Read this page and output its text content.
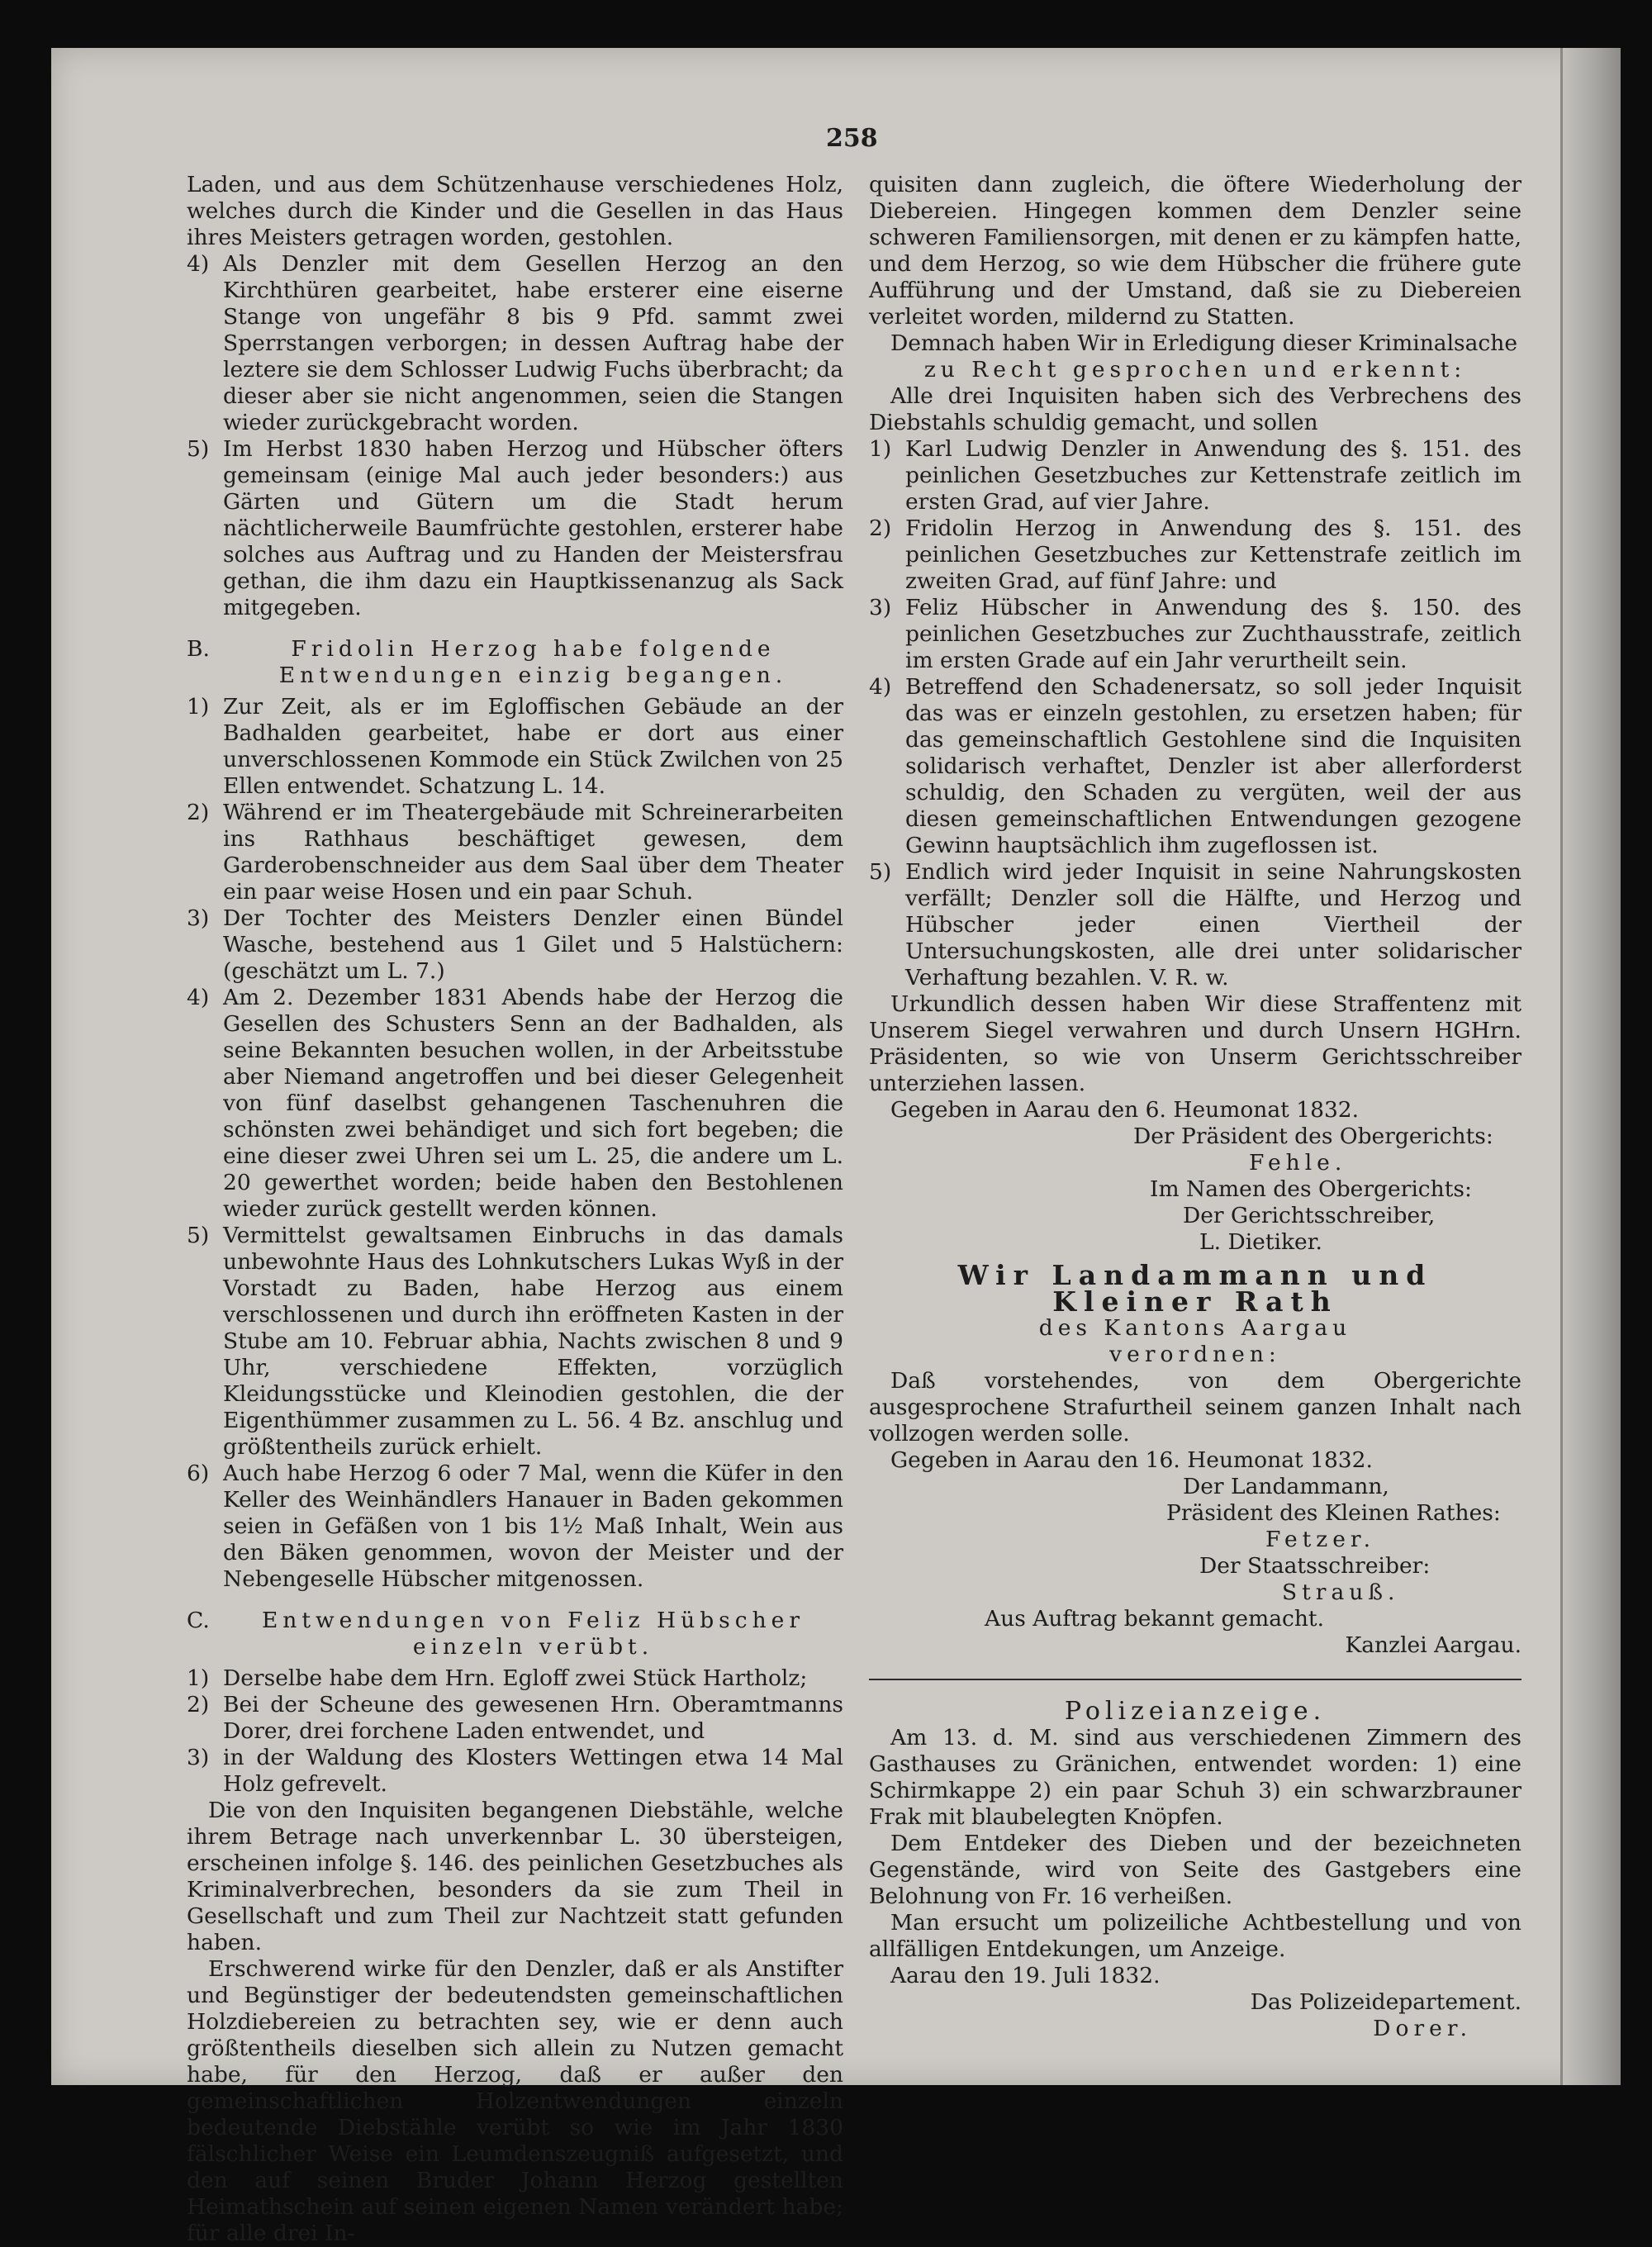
258

Laden, und aus dem Schützenhause verschiedenes Holz, welches durch die Kinder und die Gesellen in das Haus ihres Meisters getragen worden, gestohlen.

4) Als Denzler mit dem Gesellen Herzog an den Kirchthüren gearbeitet, habe ersterer eine eiserne Stange von ungefähr 8 bis 9 Pfd. sammt zwei Sperrstangen verborgen; in dessen Auftrag habe der leztere sie dem Schlosser Ludwig Fuchs überbracht; da dieser aber sie nicht angenommen, seien die Stangen wieder zurückgebracht worden.
5) Im Herbst 1830 haben Herzog und Hübscher öfters gemeinsam (einige Mal auch jeder besonders:) aus Gärten und Gütern um die Stadt herum nächtlicherweile Baumfrüchte gestohlen, ersterer habe solches aus Auftrag und zu Handen der Meistersfrau gethan, die ihm dazu ein Hauptkissenanzug als Sack mitgegeben.
B.	Fridolin Herzog habe folgende Entwendungen einzig begangen.
1) Zur Zeit, als er im Egloffischen Gebäude an der Badhalden gearbeitet, habe er dort aus einer unverschlossenen Kommode ein Stück Zwilchen von 25 Ellen entwendet. Schatzung L. 14.
2) Während er im Theatergebäude mit Schreinerarbeiten ins Rathhaus beschäftiget gewesen, dem Garderobenschneider aus dem Saal über dem Theater ein paar weise Hosen und ein paar Schuh.
3) Der Tochter des Meisters Denzler einen Bündel Wasche, bestehend aus 1 Gilet und 5 Halstüchern: (geschätzt um L. 7.)
4) Am 2. Dezember 1831 Abends habe der Herzog die Gesellen des Schusters Senn an der Badhalden, als seine Bekannten besuchen wollen, in der Arbeitsstube aber Niemand angetroffen und bei dieser Gelegenheit von fünf daselbst gehangenen Taschenuhren die schönsten zwei behändiget und sich fort begeben; die eine dieser zwei Uhren sei um L. 25, die andere um L. 20 gewerthet worden; beide haben den Bestohlenen wieder zurück gestellt werden können.
5) Vermittelst gewaltsamen Einbruchs in das damals unbewohnte Haus des Lohnkutschers Lukas Wyß in der Vorstadt zu Baden, habe Herzog aus einem verschlossenen und durch ihn eröffneten Kasten in der Stube am 10. Februar abhia, Nachts zwischen 8 und 9 Uhr, verschiedene Effekten, vorzüglich Kleidungsstücke und Kleinodien gestohlen, die der Eigenthümmer zusammen zu L. 56. 4 Bz. anschlug und größtentheils zurück erhielt.
6) Auch habe Herzog 6 oder 7 Mal, wenn die Küfer in den Keller des Weinhändlers Hanauer in Baden gekommen seien in Gefäßen von 1 bis 1½ Maß Inhalt, Wein aus den Bäken genommen, wovon der Meister und der Nebengeselle Hübscher mitgenossen.
C.	Entwendungen von Feliz Hübscher einzeln verübt.
1) Derselbe habe dem Hrn. Egloff zwei Stück Hartholz;
2) Bei der Scheune des gewesenen Hrn. Oberamtmanns Dorer, drei forchene Laden entwendet, und
3) in der Waldung des Klosters Wettingen etwa 14 Mal Holz gefrevelt.

Die von den Inquisiten begangenen Diebstähle, welche ihrem Betrage nach unverkennbar L. 30 übersteigen, erscheinen infolge §. 146. des peinlichen Gesetzbuches als Kriminalverbrechen, besonders da sie zum Theil in Gesellschaft und zum Theil zur Nachtzeit statt gefunden haben.

Erschwerend wirke für den Denzler, daß er als Anstifter und Begünstiger der bedeutendsten gemeinschaftlichen Holzdiebereien zu betrachten sey, wie er denn auch größtentheils dieselben sich allein zu Nutzen gemacht habe, für den Herzog, daß er außer den gemeinschaftlichen Holzentwendungen einzeln bedeutende Diebstähle verübt so wie im Jahr 1830 fälschlicher Weise ein Leumdenszeugniß aufgesetzt, und den auf seinen Bruder Johann Herzog gestellten Heimathschein auf seinen eigenen Namen verändert habe; für alle drei In-

quisiten dann zugleich, die öftere Wiederholung der Diebereien. Hingegen kommen dem Denzler seine schweren Familiensorgen, mit denen er zu kämpfen hatte, und dem Herzog, so wie dem Hübscher die frühere gute Aufführung und der Umstand, daß sie zu Diebereien verleitet worden, mildernd zu Statten.

Demnach haben Wir in Erledigung dieser Kriminalsache

zu Recht gesprochen und erkennt:

Alle drei Inquisiten haben sich des Verbrechens des Diebstahls schuldig gemacht, und sollen

1) Karl Ludwig Denzler in Anwendung des §. 151. des peinlichen Gesetzbuches zur Kettenstrafe zeitlich im ersten Grad, auf vier Jahre.
2) Fridolin Herzog in Anwendung des §. 151. des peinlichen Gesetzbuches zur Kettenstrafe zeitlich im zweiten Grad, auf fünf Jahre: und
3) Feliz Hübscher in Anwendung des §. 150. des peinlichen Gesetzbuches zur Zuchthausstrafe, zeitlich im ersten Grade auf ein Jahr verurtheilt sein.
4) Betreffend den Schadenersatz, so soll jeder Inquisit das was er einzeln gestohlen, zu ersetzen haben; für das gemeinschaftlich Gestohlene sind die Inquisiten solidarisch verhaftet, Denzler ist aber allerforderst schuldig, den Schaden zu vergüten, weil der aus diesen gemeinschaftlichen Entwendungen gezogene Gewinn hauptsächlich ihm zugeflossen ist.
5) Endlich wird jeder Inquisit in seine Nahrungskosten verfällt; Denzler soll die Hälfte, und Herzog und Hübscher jeder einen Viertheil der Untersuchungskosten, alle drei unter solidarischer Verhaftung bezahlen. V. R. w.

Urkundlich dessen haben Wir diese Straffentenz mit Unserem Siegel verwahren und durch Unsern HGHrn. Präsidenten, so wie von Unserm Gerichtsschreiber unterziehen lassen.

Gegeben in Aarau den 6. Heumonat 1832.

Der Präsident des Obergerichts:
Fehle.
Im Namen des Obergerichts:
Der Gerichtsschreiber,
L. Dietiker.
Wir Landammann und Kleiner Rath

des Kantons Aargau

verordnen:

Daß vorstehendes, von dem Obergerichte ausgesprochene Strafurtheil seinem ganzen Inhalt nach vollzogen werden solle.

Gegeben in Aarau den 16. Heumonat 1832.

Der Landammann,
Präsident des Kleinen Rathes:
Fetzer.
Der Staatsschreiber:
Strauß.

Aus Auftrag bekannt gemacht.

Kanzlei Aargau.

Polizeianzeige.

Am 13. d. M. sind aus verschiedenen Zimmern des Gasthauses zu Gränichen, entwendet worden: 1) eine Schirmkappe 2) ein paar Schuh 3) ein schwarzbrauner Frak mit blaubelegten Knöpfen.

Dem Entdeker des Dieben und der bezeichneten Gegenstände, wird von Seite des Gastgebers eine Belohnung von Fr. 16 verheißen.

Man ersucht um polizeiliche Achtbestellung und von allfälligen Entdekungen, um Anzeige.

Aarau den 19. Juli 1832.

Das Polizeidepartement.

Dorer.
